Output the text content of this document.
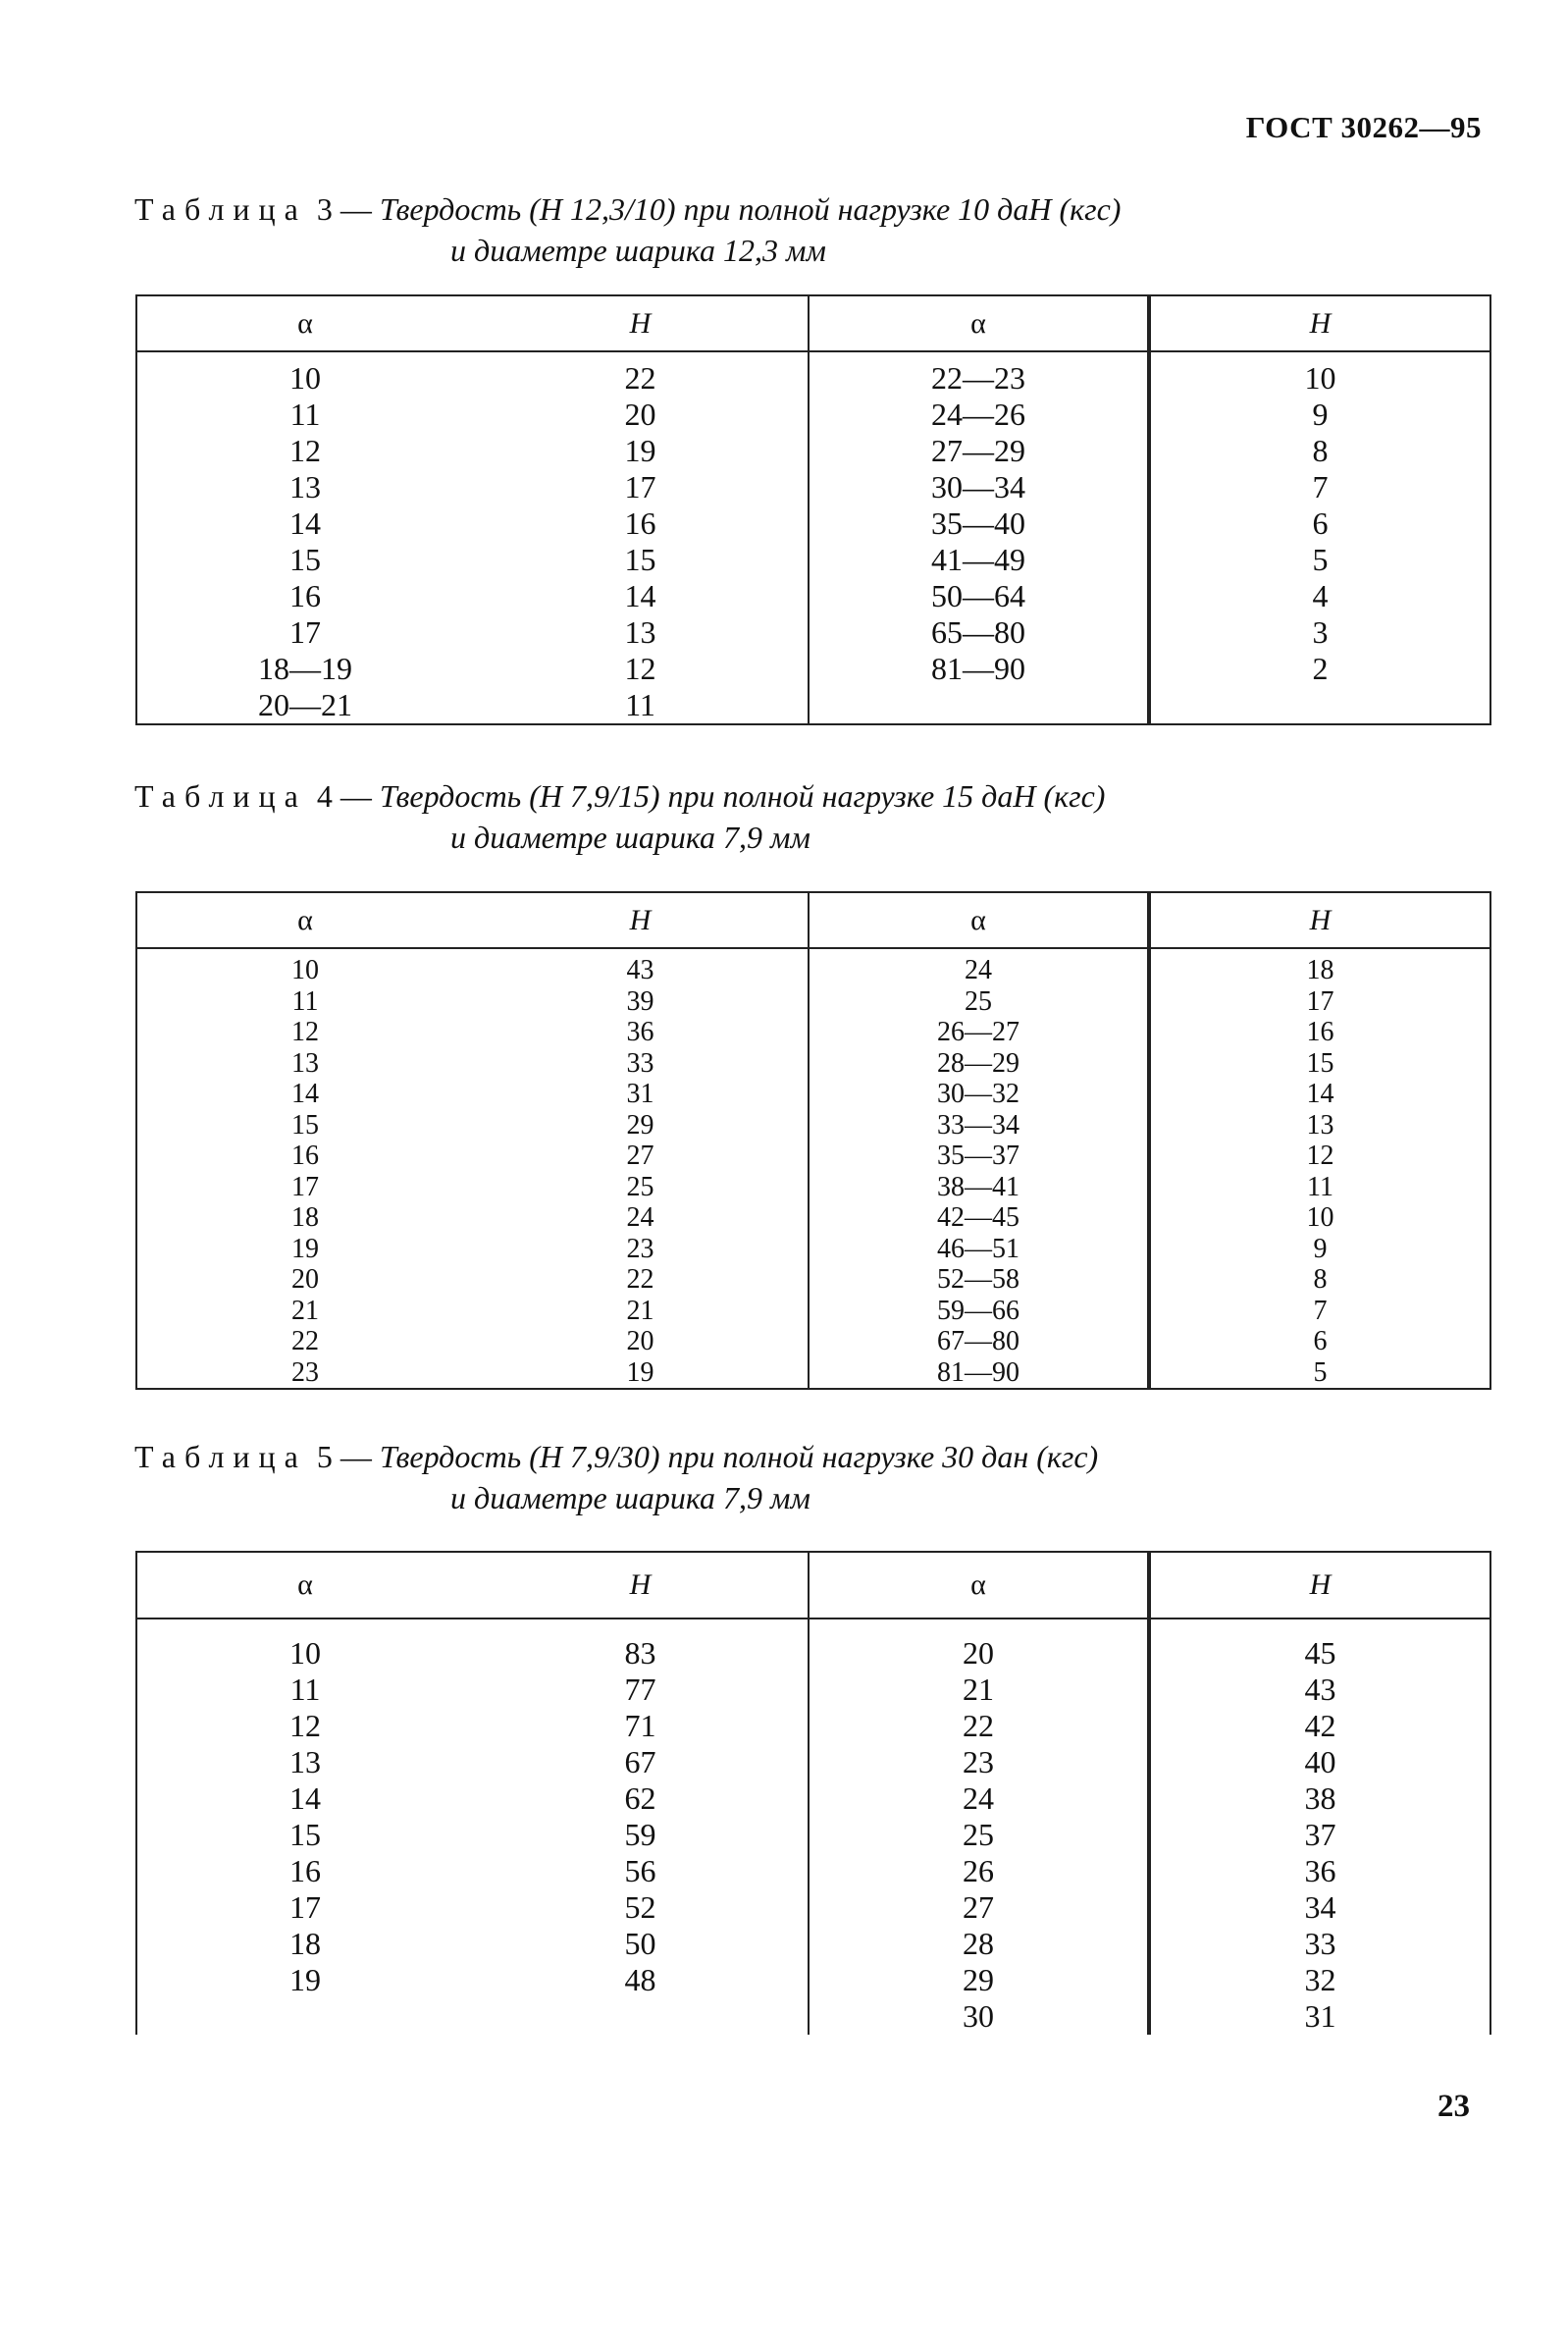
ГОСТ 30262—95
Таблица 3 — Твердость (H 12,3/10) при полной нагрузке 10 даН (кгс)
и диаметре шарика 12,3 мм
α	H	α	H
10	22	22—23	10
11	20	24—26	9
12	19	27—29	8
13	17	30—34	7
14	16	35—40	6
15	15	41—49	5
16	14	50—64	4
17	13	65—80	3
18—19	12	81—90	2
20—21	11		
Таблица 4 — Твердость (H 7,9/15) при полной нагрузке 15 даН (кгс)
и диаметре шарика 7,9 мм
α	H	α	H
10	43	24	18
11	39	25	17
12	36	26—27	16
13	33	28—29	15
14	31	30—32	14
15	29	33—34	13
16	27	35—37	12
17	25	38—41	11
18	24	42—45	10
19	23	46—51	9
20	22	52—58	8
21	21	59—66	7
22	20	67—80	6
23	19	81—90	5
Таблица 5 — Твердость (H 7,9/30) при полной нагрузке 30 дан (кгс)
и диаметре шарика 7,9 мм
α	H	α	H
10	83	20	45
11	77	21	43
12	71	22	42
13	67	23	40
14	62	24	38
15	59	25	37
16	56	26	36
17	52	27	34
18	50	28	33
19	48	29	32
		30	31
23
